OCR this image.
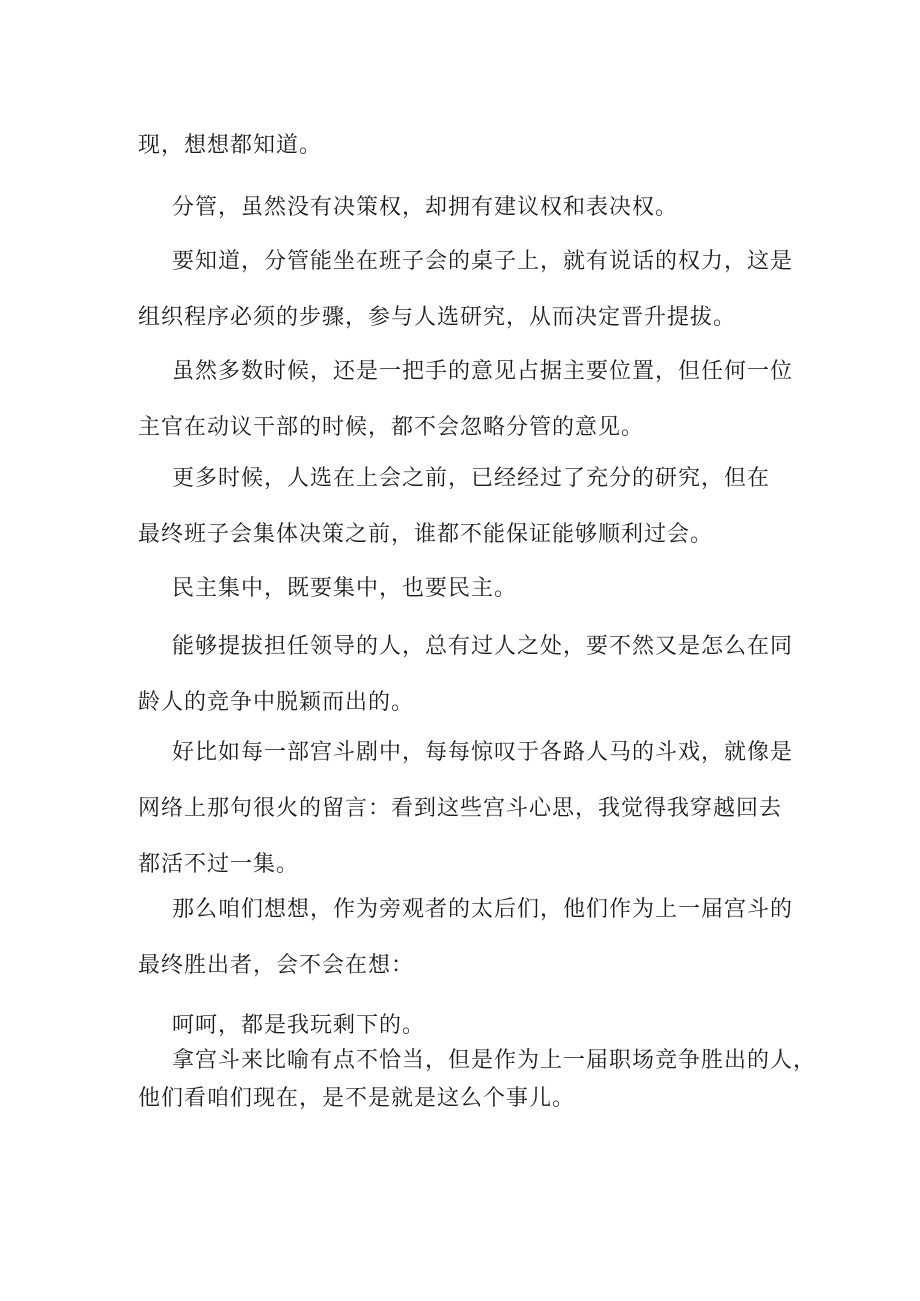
现，想想都知道。

分管，虽然没有决策权，却拥有建议权和表决权。

要知道，分管能坐在班子会的桌子上，就有说话的权力，这是
组织程序必须的步骤，参与人选研究，从而决定晋升提拔。

虽然多数时候，还是一把手的意见占据主要位置，但任何一位
主官在动议干部的时候，都不会忽略分管的意见。

更多时候，人选在上会之前，已经经过了充分的研究，但在
最终班子会集体决策之前，谁都不能保证能够顺利过会。

民主集中，既要集中，也要民主。

能够提拔担任领导的人，总有过人之处，要不然又是怎么在同
龄人的竞争中脱颖而出的。

好比如每一部宫斗剧中，每每惊叹于各路人马的斗戏，就像是
网络上那句很火的留言：看到这些宫斗心思，我觉得我穿越回去
都活不过一集。

那么咱们想想，作为旁观者的太后们，他们作为上一届宫斗的
最终胜出者，会不会在想：

呵呵，都是我玩剩下的。

拿宫斗来比喻有点不恰当，但是作为上一届职场竞争胜出的人，
他们看咱们现在，是不是就是这么个事儿。
